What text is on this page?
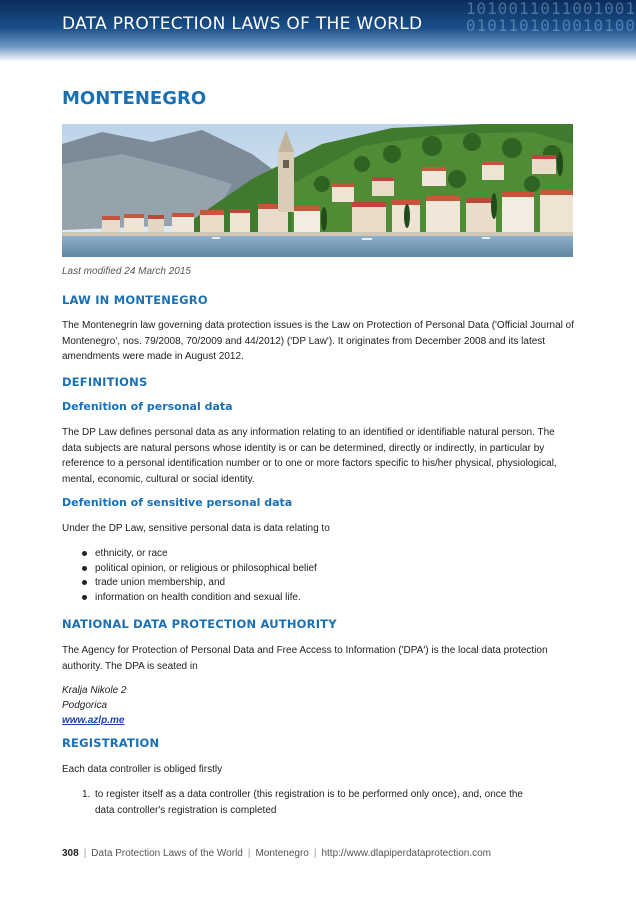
1010011011001001
0101101010010100
DATA PROTECTION LAWS OF THE WORLD
MONTENEGRO
Last modified 24 March 2015
LAW IN MONTENEGRO
The Montenegrin law governing data protection issues is the Law on Protection of Personal Data ('Official Journal of Montenegro', nos. 79/2008, 70/2009 and 44/2012) ('DP Law'). It originates from December 2008 and its latest amendments were made in August 2012.
DEFINITIONS
Defenition of personal data
The DP Law defines personal data as any information relating to an identified or identifiable natural person. The data subjects are natural persons whose identity is or can be determined, directly or indirectly, in particular by reference to a personal identification number or to one or more factors specific to his/her physical, physiological, mental, economic, cultural or social identity.
Defenition of sensitive personal data
Under the DP Law, sensitive personal data is data relating to
ethnicity, or race
political opinion, or religious or philosophical belief
trade union membership, and
information on health condition and sexual life.
NATIONAL DATA PROTECTION AUTHORITY
The Agency for Protection of Personal Data and Free Access to Information ('DPA') is the local data protection authority. The DPA is seated in
Kralja Nikole 2
Podgorica
www.azlp.me
REGISTRATION
Each data controller is obliged firstly
1. to register itself as a data controller (this registration is to be performed only once), and, once the data controller's registration is completed
308 | Data Protection Laws of the World | Montenegro | http://www.dlapiperdataprotection.com
